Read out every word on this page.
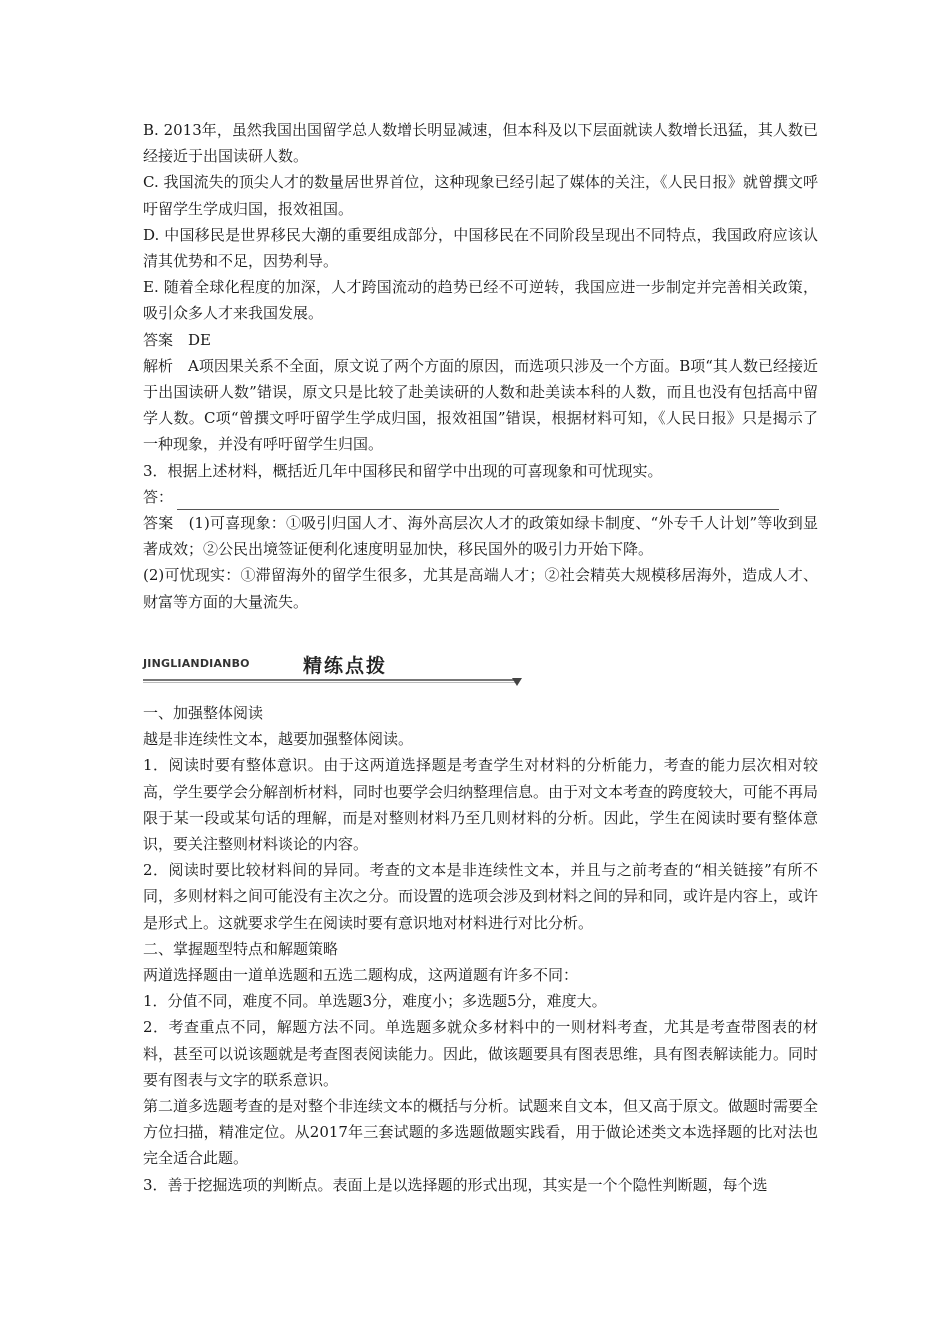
B. 2013年，虽然我国出国留学总人数增长明显减速，但本科及以下层面就读人数增长迅猛，其人数已经接近于出国读研人数。

C. 我国流失的顶尖人才的数量居世界首位，这种现象已经引起了媒体的关注，《人民日报》就曾撰文呼吁留学生学成归国，报效祖国。

D. 中国移民是世界移民大潮的重要组成部分，中国移民在不同阶段呈现出不同特点，我国政府应该认清其优势和不足，因势利导。

E. 随着全球化程度的加深，人才跨国流动的趋势已经不可逆转，我国应进一步制定并完善相关政策，吸引众多人才来我国发展。

答案　DE

解析　A项因果关系不全面，原文说了两个方面的原因，而选项只涉及一个方面。B项“其人数已经接近于出国读研人数”错误，原文只是比较了赴美读研的人数和赴美读本科的人数，而且也没有包括高中留学人数。C项“曾撰文呼吁留学生学成归国，报效祖国”错误，根据材料可知，《人民日报》只是揭示了一种现象，并没有呼吁留学生归国。

3．根据上述材料，概括近几年中国移民和留学中出现的可喜现象和可忧现实。

答：

答案　(1)可喜现象：①吸引归国人才、海外高层次人才的政策如绿卡制度、“外专千人计划”等收到显著成效；②公民出境签证便利化速度明显加快，移民国外的吸引力开始下降。

(2)可忧现实：①滞留海外的留学生很多，尤其是高端人才；②社会精英大规模移居海外，造成人才、财富等方面的大量流失。

JINGLIANDIANBO	精练点拨

一、加强整体阅读

越是非连续性文本，越要加强整体阅读。

1．阅读时要有整体意识。由于这两道选择题是考查学生对材料的分析能力，考查的能力层次相对较高，学生要学会分解剖析材料，同时也要学会归纳整理信息。由于对文本考查的跨度较大，可能不再局限于某一段或某句话的理解，而是对整则材料乃至几则材料的分析。因此，学生在阅读时要有整体意识，要关注整则材料谈论的内容。

2．阅读时要比较材料间的异同。考查的文本是非连续性文本，并且与之前考查的“相关链接”有所不同，多则材料之间可能没有主次之分。而设置的选项会涉及到材料之间的异和同，或许是内容上，或许是形式上。这就要求学生在阅读时要有意识地对材料进行对比分析。

二、掌握题型特点和解题策略

两道选择题由一道单选题和五选二题构成，这两道题有许多不同：

1．分值不同，难度不同。单选题3分，难度小；多选题5分，难度大。

2．考查重点不同，解题方法不同。单选题多就众多材料中的一则材料考查，尤其是考查带图表的材料，甚至可以说该题就是考查图表阅读能力。因此，做该题要具有图表思维，具有图表解读能力。同时要有图表与文字的联系意识。

第二道多选题考查的是对整个非连续文本的概括与分析。试题来自文本，但又高于原文。做题时需要全方位扫描，精准定位。从2017年三套试题的多选题做题实践看，用于做论述类文本选择题的比对法也完全适合此题。

3．善于挖掘选项的判断点。表面上是以选择题的形式出现，其实是一个个隐性判断题，每个选
